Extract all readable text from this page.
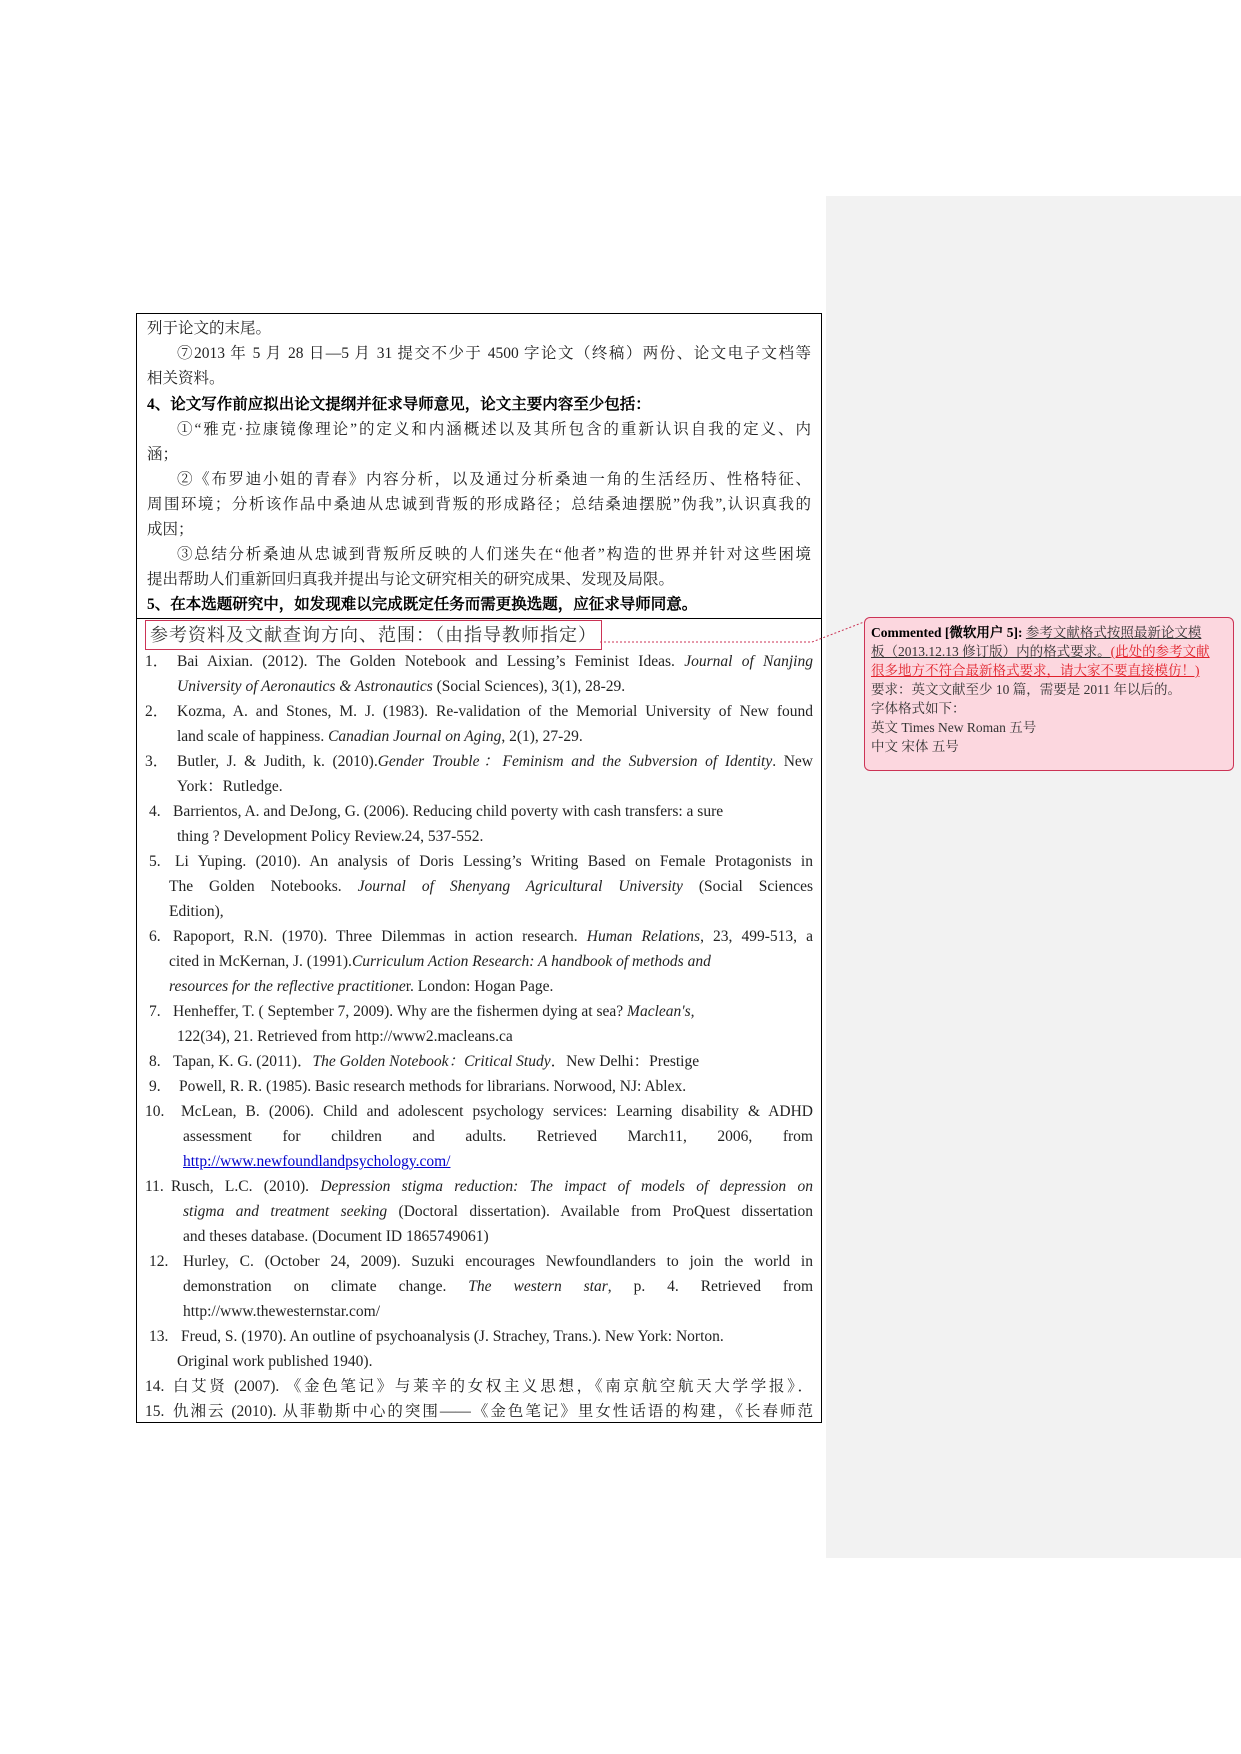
列于论文的末尾。
⑦2013 年 5 月 28 日—5 月 31 提交不少于 4500 字论文（终稿）两份、论文电子文档等
相关资料。
4、论文写作前应拟出论文提纲并征求导师意见，论文主要内容至少包括：
①“雅克·拉康镜像理论”的定义和内涵概述以及其所包含的重新认识自我的定义、内
涵；
②《布罗迪小姐的青春》内容分析，以及通过分析桑迪一角的生活经历、性格特征、
周围环境；分析该作品中桑迪从忠诚到背叛的形成路径；总结桑迪摆脱”伪我”,认识真我的
成因；
③总结分析桑迪从忠诚到背叛所反映的人们迷失在“他者”构造的世界并针对这些困境
提出帮助人们重新回归真我并提出与论文研究相关的研究成果、发现及局限。
5、在本选题研究中，如发现难以完成既定任务而需更换选题，应征求导师同意。
参考资料及文献查询方向、范围：（由指导教师指定）
Bai Aixian. (2012). The Golden Notebook and Lessing’s Feminist Ideas. Journal of Nanjing
1．
University of Aeronautics & Astronautics (Social Sciences), 3(1), 28-29.
Kozma, A. and Stones, M. J. (1983). Re-validation of the Memorial University of New found
2．
land scale of happiness. Canadian Journal on Aging, 2(1), 27-29.
Butler, J. & Judith, k. (2010).Gender Trouble：Feminism and the Subversion of Identity. New
3．
York：Rutledge.
Barrientos, A. and DeJong, G. (2006). Reducing child poverty with cash transfers: a sure
4.
thing ? Development Policy Review.24, 537-552.
Li Yuping. (2010). An analysis of Doris Lessing’s Writing Based on Female Protagonists in
5.
The Golden Notebooks. Journal of Shenyang Agricultural University (Social Sciences
Edition),
Rapoport, R.N. (1970). Three Dilemmas in action research. Human Relations, 23, 499-513, a
6.
cited in McKernan, J. (1991).Curriculum Action Research: A handbook of methods and
resources for the reflective practitioner. London: Hogan Page.
Henheffer, T. ( September 7, 2009). Why are the fishermen dying at sea? Maclean's,
7.
122(34), 21. Retrieved from http://www2.macleans.ca
Tapan, K. G. (2011)．The Golden Notebook：Critical Study．New Delhi：Prestige
8.
Powell, R. R. (1985). Basic research methods for librarians. Norwood, NJ: Ablex.
9.
McLean, B. (2006). Child and adolescent psychology services: Learning disability & ADHD
10.
assessment for children and adults. Retrieved March11, 2006, from
Rusch, L.C. (2010). Depression stigma reduction: The impact of models of depression on
11.
stigma and treatment seeking (Doctoral dissertation). Available from ProQuest dissertation
and theses database. (Document ID 1865749061)
Hurley, C. (October 24, 2009). Suzuki encourages Newfoundlanders to join the world in
12.
demonstration on climate change. The western star, p. 4. Retrieved from
http://www.thewesternstar.com/
Freud, S. (1970). An outline of psychoanalysis (J. Strachey, Trans.). New York: Norton.
13.
Original work published 1940).
白艾贤 (2007). 《金色笔记》与莱辛的女权主义思想，《南京航空航天大学学报》．
14.
仇湘云 (2010). 从菲勒斯中心的突围——《金色笔记》里女性话语的构建，《长春师范
15.
http://www.newfoundlandpsychology.com/
Commented [微软用户 5]: 参考文献格式按照最新论文模
板（2013.12.13 修订版）内的格式要求。(此处的参考文献
很多地方不符合最新格式要求，请大家不要直接模仿！)
要求：英文文献至少 10 篇，需要是 2011 年以后的。
字体格式如下：
英文 Times New Roman 五号
中文 宋体 五号
